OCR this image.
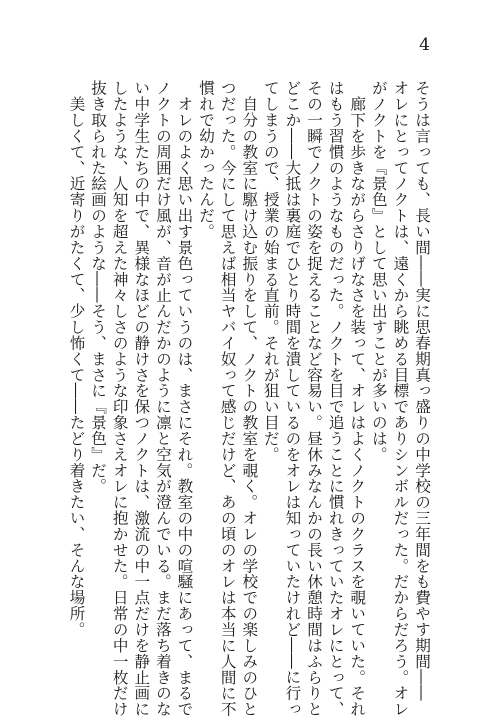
4
そうは言っても、長い間――実に思春期真っ盛りの中学校の三年間をも費やす期間――
オレにとってノクトは、遠くから眺める目標でありシンボルだった。だからだろう。オレ
がノクトを『景色』として思い出すことが多いのは。
　廊下を歩きながらさりげなさを装って、オレはよくノクトのクラスを覗いていた。それ
はもう習慣のようなものだった。ノクトを目で追うことに慣れきっていたオレにとって、
その一瞬でノクトの姿を捉えることなど容易い。昼休みなんかの長い休憩時間はふらりと
どこか――大抵は裏庭でひとり時間を潰しているのをオレは知っていたけれど――に行っ
てしまうので、授業の始まる直前。それが狙い目だ。
　自分の教室に駆け込む振りをして、ノクトの教室を覗く。オレの学校での楽しみのひと
つだった。今にして思えば相当ヤバイ奴って感じだけど、あの頃のオレは本当に人間に不
慣れで幼かったんだ。
　オレのよく思い出す景色っていうのは、まさにそれ。教室の中の喧騒にあって、まるで
ノクトの周囲だけ風が、音が止んだかのように凛と空気が澄んでいる。まだ落ち着きのな
い中学生たちの中で、異様なほどの静けさを保つノクトは、激流の中一点だけを静止画に
したような、人知を超えた神々しさのような印象さえオレに抱かせた。日常の中一枚だけ
抜き取られた絵画のような――そう、まさに『景色』だ。
　美しくて、近寄りがたくて、少し怖くて――たどり着きたい、そんな場所。
